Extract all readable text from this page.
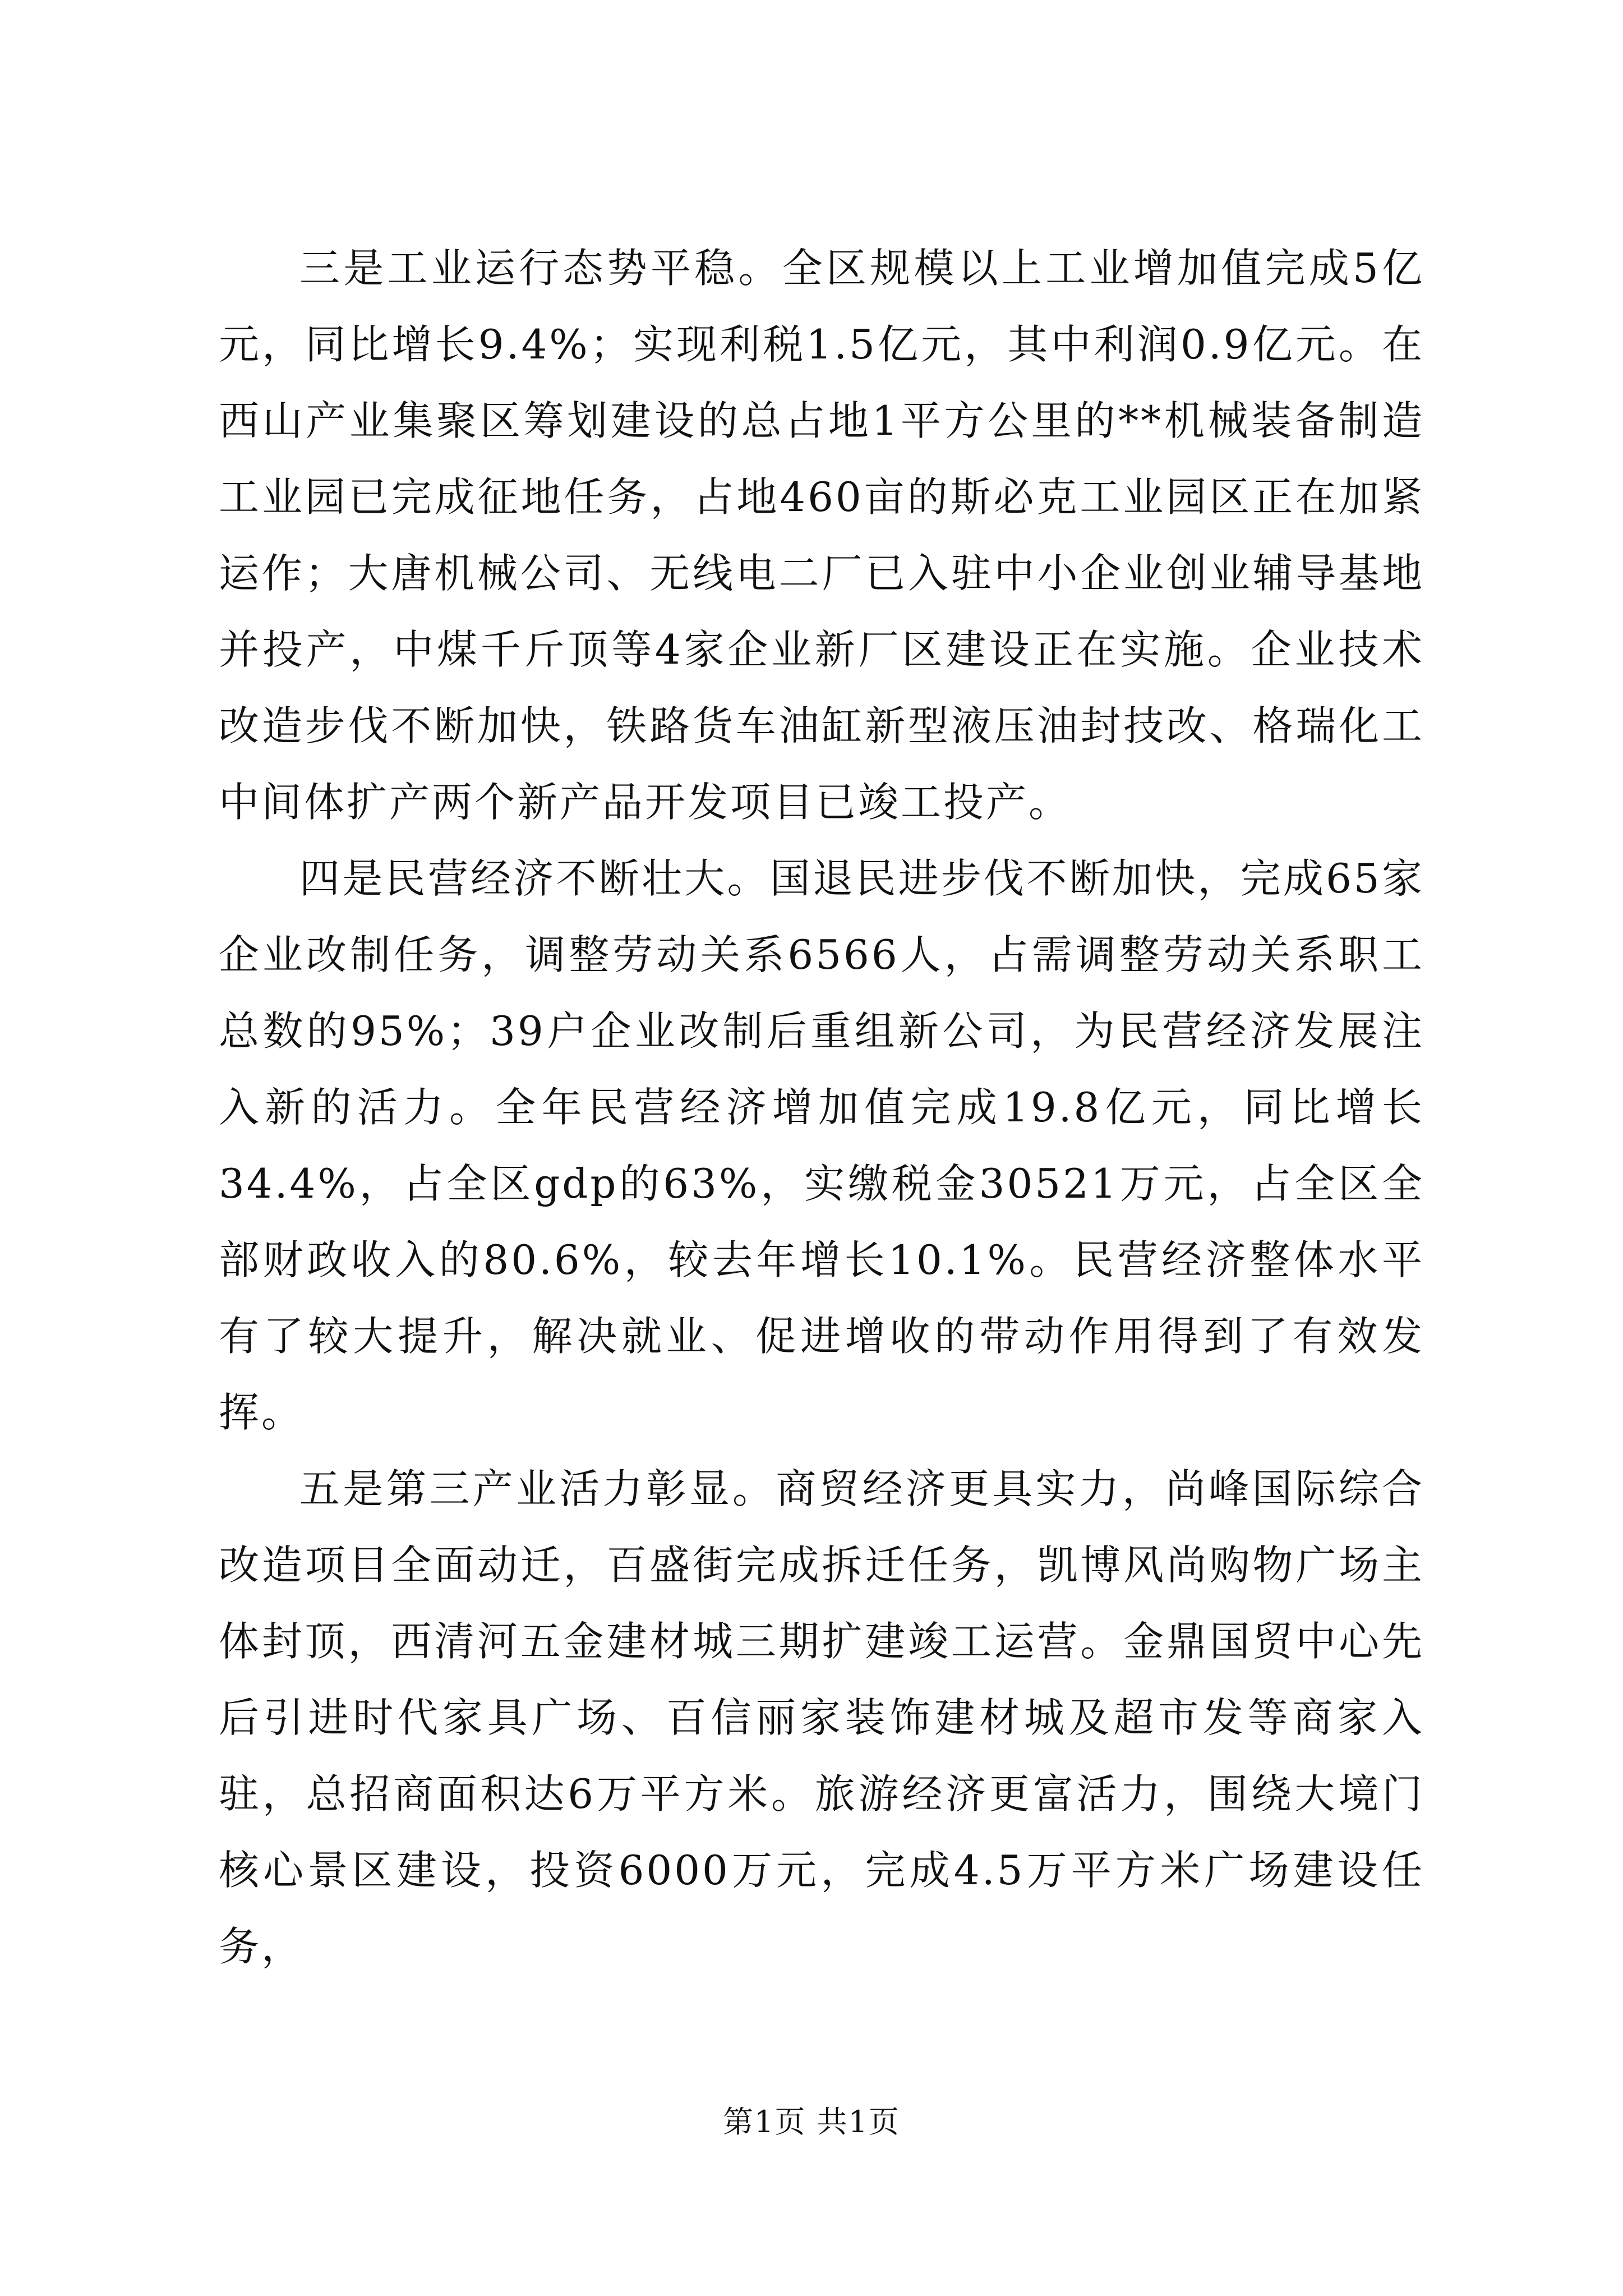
三是工业运行态势平稳。全区规模以上工业增加值完成5亿元，同比增长9.4%；实现利税1.5亿元，其中利润0.9亿元。在西山产业集聚区筹划建设的总占地1平方公里的**机械装备制造工业园已完成征地任务，占地460亩的斯必克工业园区正在加紧运作；大唐机械公司、无线电二厂已入驻中小企业创业辅导基地并投产，中煤千斤顶等4家企业新厂区建设正在实施。企业技术改造步伐不断加快，铁路货车油缸新型液压油封技改、格瑞化工中间体扩产两个新产品开发项目已竣工投产。

四是民营经济不断壮大。国退民进步伐不断加快，完成65家企业改制任务，调整劳动关系6566人，占需调整劳动关系职工总数的95%；39户企业改制后重组新公司，为民营经济发展注入新的活力。全年民营经济增加值完成19.8亿元，同比增长34.4%，占全区gdp的63%，实缴税金30521万元，占全区全部财政收入的80.6%，较去年增长10.1%。民营经济整体水平有了较大提升，解决就业、促进增收的带动作用得到了有效发挥。

五是第三产业活力彰显。商贸经济更具实力，尚峰国际综合改造项目全面动迁，百盛街完成拆迁任务，凯博风尚购物广场主体封顶，西清河五金建材城三期扩建竣工运营。金鼎国贸中心先后引进时代家具广场、百信丽家装饰建材城及超市发等商家入驻，总招商面积达6万平方米。旅游经济更富活力，围绕大境门核心景区建设，投资6000万元，完成4.5万平方米广场建设任务，

第1页 共1页
